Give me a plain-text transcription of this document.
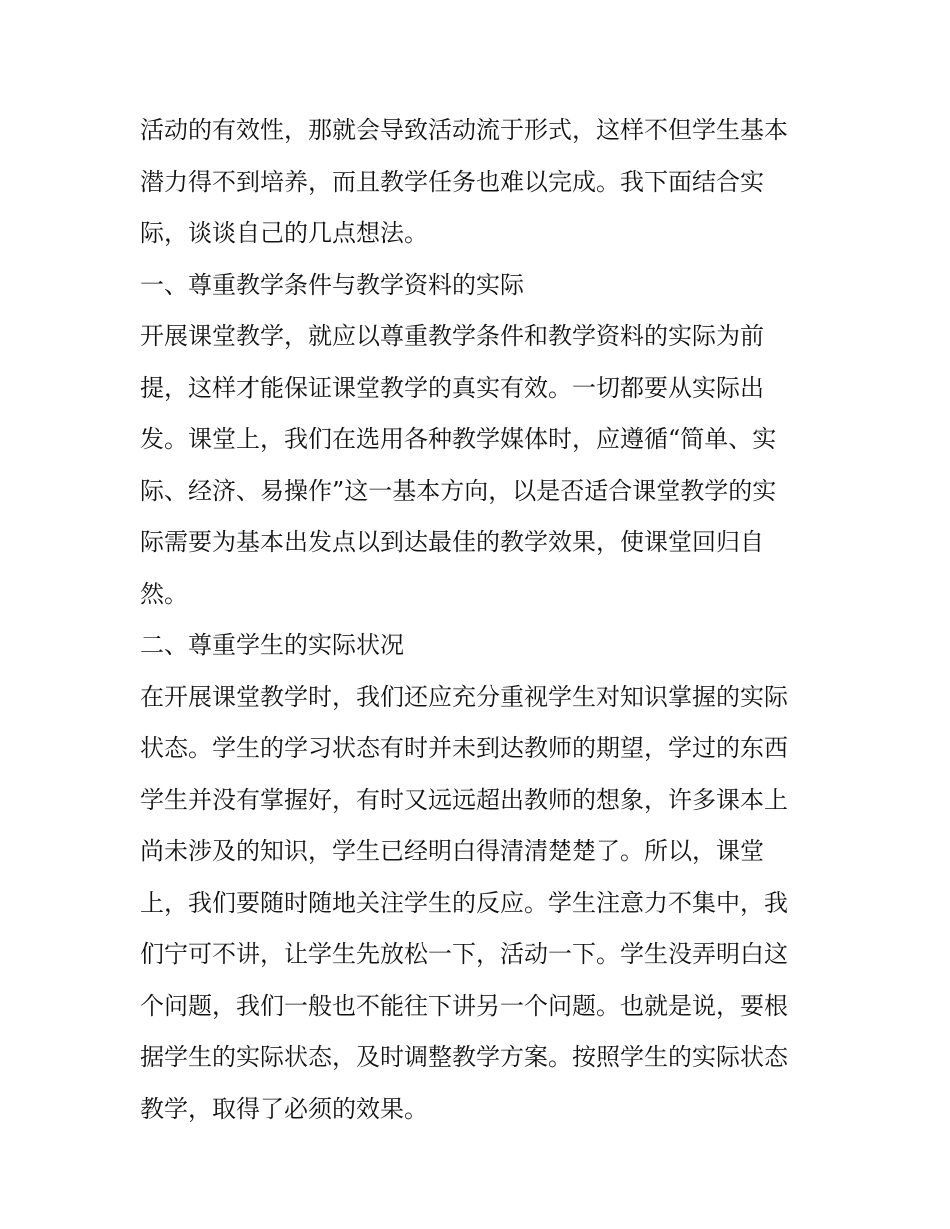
活动的有效性，那就会导致活动流于形式，这样不但学生基本
潜力得不到培养，而且教学任务也难以完成。我下面结合实
际，谈谈自己的几点想法。

一、尊重教学条件与教学资料的实际

开展课堂教学，就应以尊重教学条件和教学资料的实际为前
提，这样才能保证课堂教学的真实有效。一切都要从实际出
发。课堂上，我们在选用各种教学媒体时，应遵循“简单、实
际、经济、易操作”这一基本方向，以是否适合课堂教学的实
际需要为基本出发点以到达最佳的教学效果，使课堂回归自
然。

二、尊重学生的实际状况

在开展课堂教学时，我们还应充分重视学生对知识掌握的实际
状态。学生的学习状态有时并未到达教师的期望，学过的东西
学生并没有掌握好，有时又远远超出教师的想象，许多课本上
尚未涉及的知识，学生已经明白得清清楚楚了。所以，课堂
上，我们要随时随地关注学生的反应。学生注意力不集中，我
们宁可不讲，让学生先放松一下，活动一下。学生没弄明白这
个问题，我们一般也不能往下讲另一个问题。也就是说，要根
据学生的实际状态，及时调整教学方案。按照学生的实际状态
教学，取得了必须的效果。
